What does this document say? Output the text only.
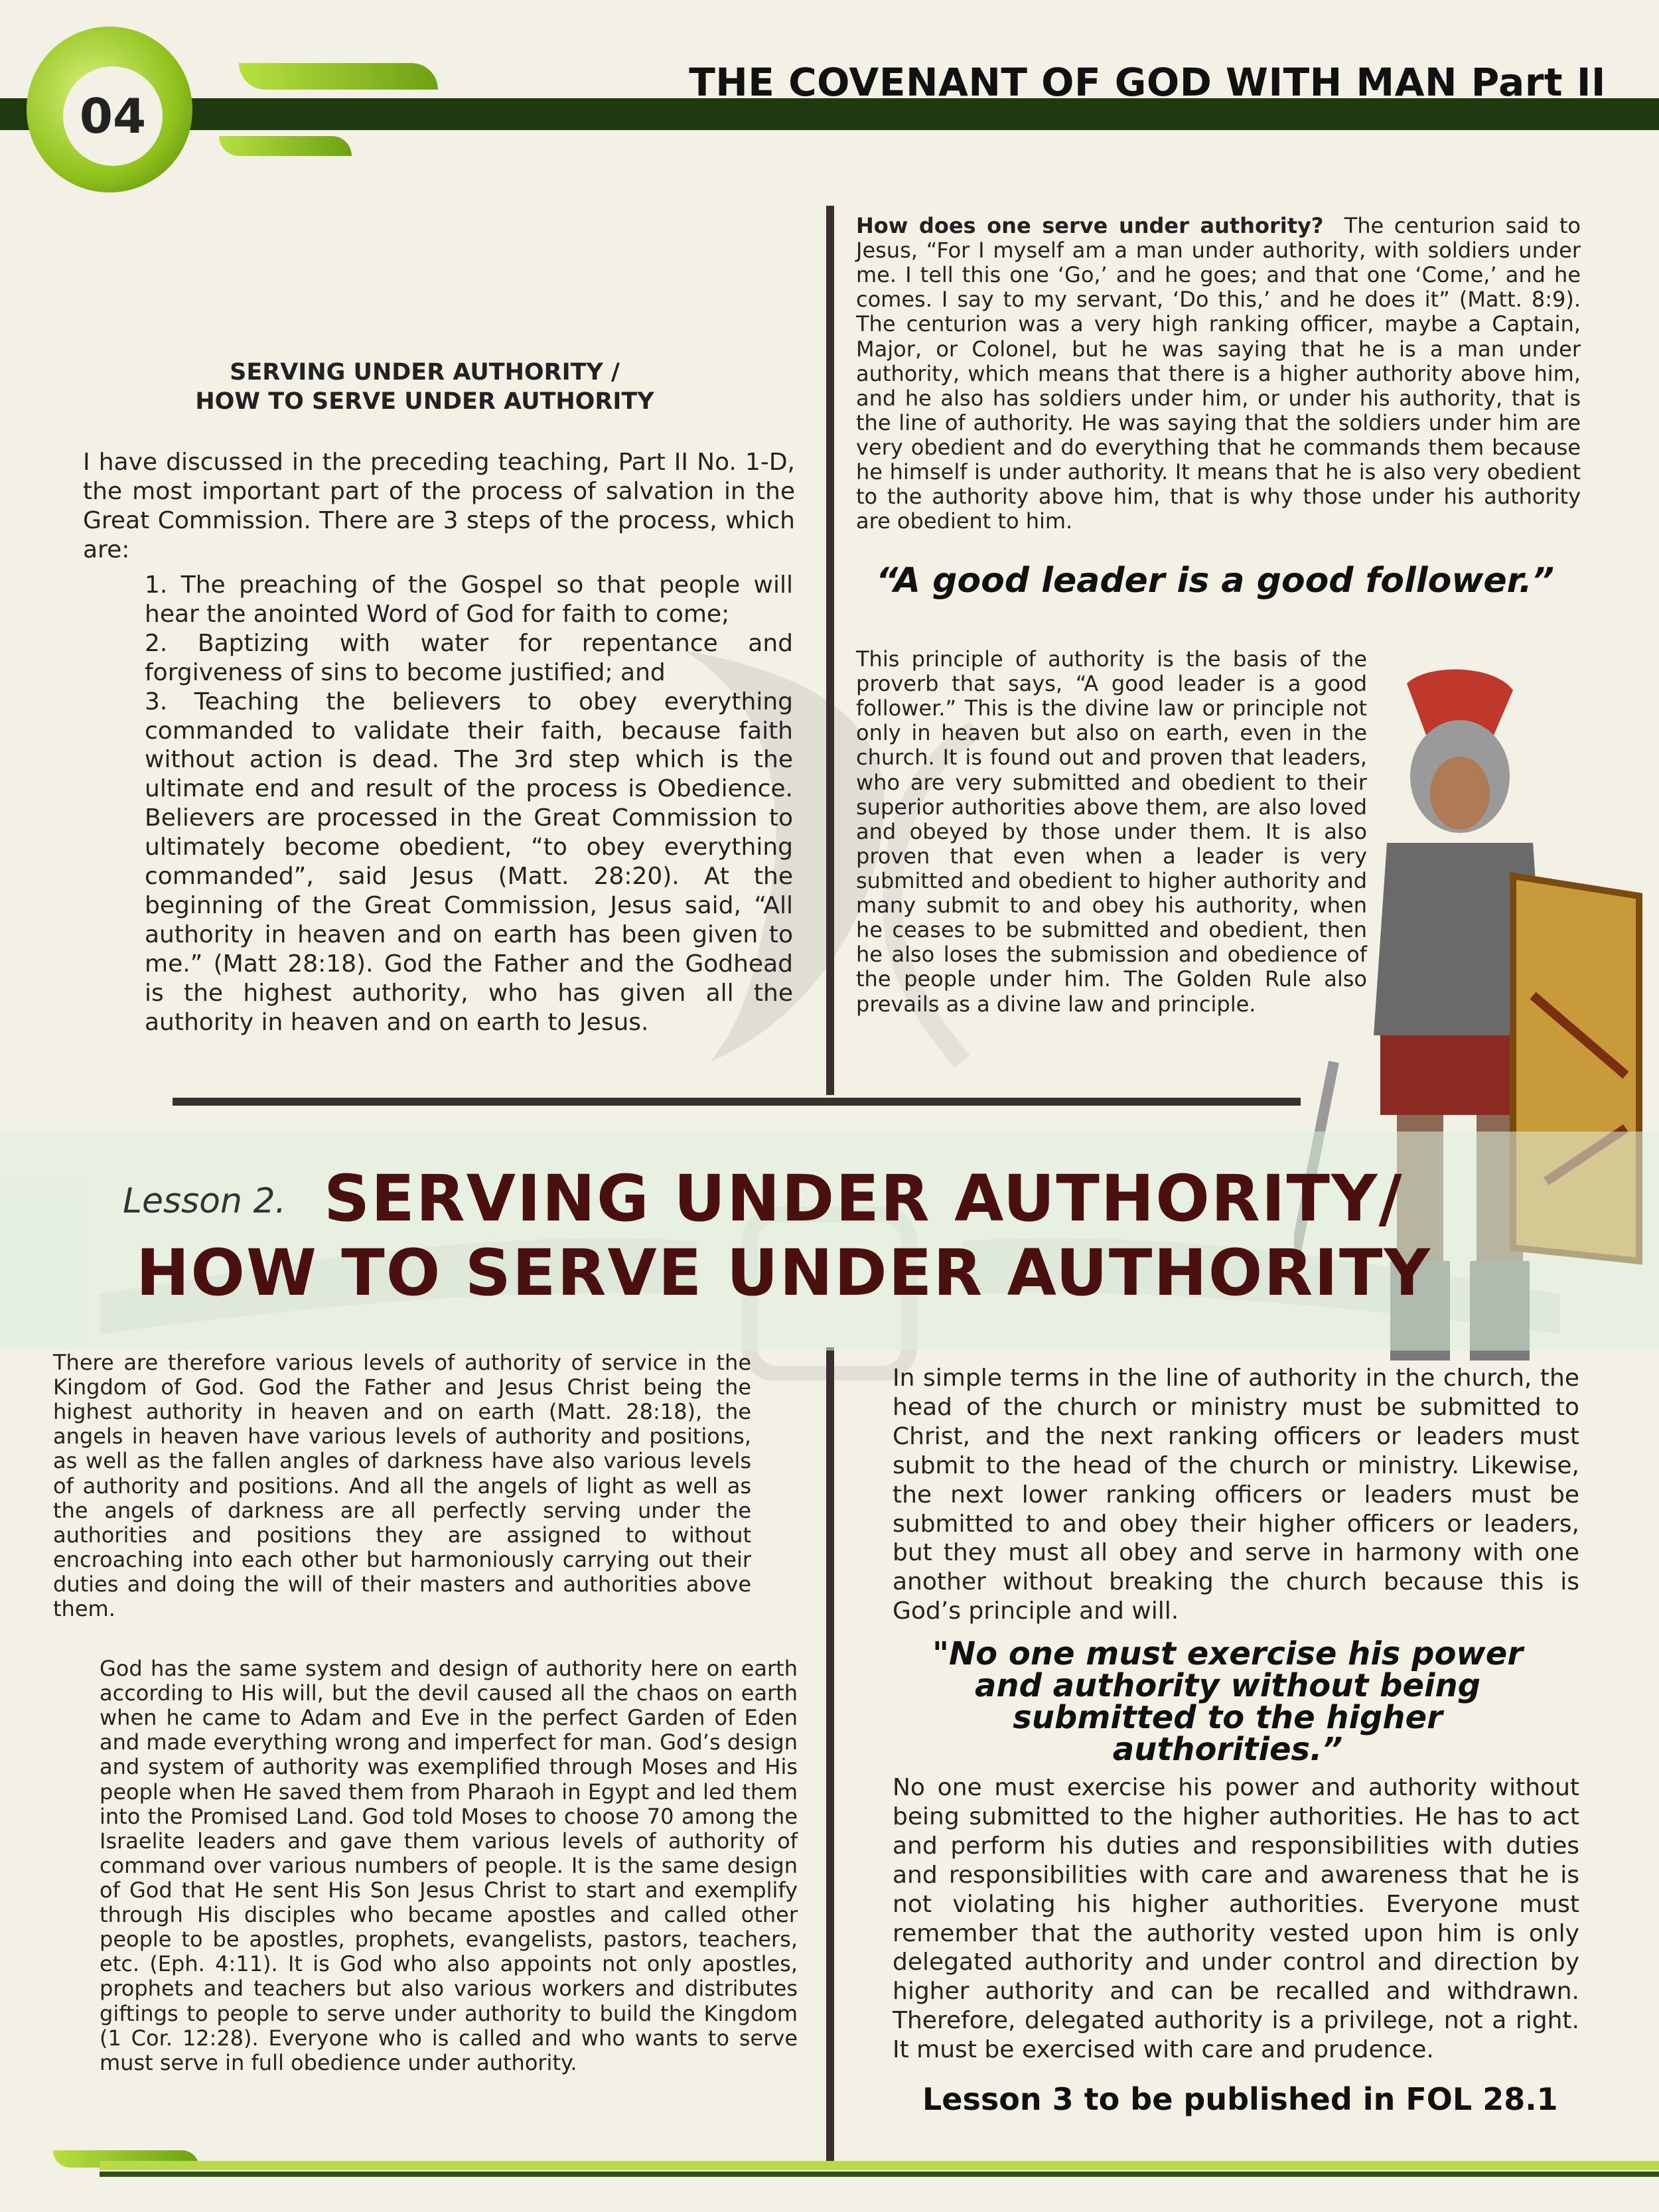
04
THE COVENANT OF GOD WITH MAN Part II
SERVING UNDER AUTHORITY /
HOW TO SERVE UNDER AUTHORITY
I have discussed in the preceding teaching, Part II No. 1-D, the most important part of the process of salvation in the Great Commission. There are 3 steps of the process, which are:
1. The preaching of the Gospel so that people will hear the anointed Word of God for faith to come;
2. Baptizing with water for repentance and forgiveness of sins to become justified; and
3. Teaching the believers to obey everything commanded to validate their faith, because faith without action is dead. The 3rd step which is the ultimate end and result of the process is Obedience. Believers are processed in the Great Commission to ultimately become obedient, “to obey everything commanded”, said Jesus (Matt. 28:20). At the beginning of the Great Commission, Jesus said, “All authority in heaven and on earth has been given to me.” (Matt 28:18). God the Father and the Godhead is the highest authority, who has given all the authority in heaven and on earth to Jesus.
How does one serve under authority? The centurion said to Jesus, “For I myself am a man under authority, with soldiers under me. I tell this one ‘Go,’ and he goes; and that one ‘Come,’ and he comes. I say to my servant, ‘Do this,’ and he does it” (Matt. 8:9). The centurion was a very high ranking officer, maybe a Captain, Major, or Colonel, but he was saying that he is a man under authority, which means that there is a higher authority above him, and he also has soldiers under him, or under his authority, that is the line of authority. He was saying that the soldiers under him are very obedient and do everything that he commands them because he himself is under authority. It means that he is also very obedient to the authority above him, that is why those under his authority are obedient to him.
“A good leader is a good follower.”
This principle of authority is the basis of the proverb that says, “A good leader is a good follower.” This is the divine law or principle not only in heaven but also on earth, even in the church. It is found out and proven that leaders, who are very submitted and obedient to their superior authorities above them, are also loved and obeyed by those under them. It is also proven that even when a leader is very submitted and obedient to higher authority and many submit to and obey his authority, when he ceases to be submitted and obedient, then he also loses the submission and obedience of the people under him. The Golden Rule also prevails as a divine law and principle.
Lesson 2. SERVING UNDER AUTHORITY/
HOW TO SERVE UNDER AUTHORITY
There are therefore various levels of authority of service in the Kingdom of God. God the Father and Jesus Christ being the highest authority in heaven and on earth (Matt. 28:18), the angels in heaven have various levels of authority and positions, as well as the fallen angles of darkness have also various levels of authority and positions. And all the angels of light as well as the angels of darkness are all perfectly serving under the authorities and positions they are assigned to without encroaching into each other but harmoniously carrying out their duties and doing the will of their masters and authorities above them.
God has the same system and design of authority here on earth according to His will, but the devil caused all the chaos on earth when he came to Adam and Eve in the perfect Garden of Eden and made everything wrong and imperfect for man. God’s design and system of authority was exemplified through Moses and His people when He saved them from Pharaoh in Egypt and led them into the Promised Land. God told Moses to choose 70 among the Israelite leaders and gave them various levels of authority of command over various numbers of people. It is the same design of God that He sent His Son Jesus Christ to start and exemplify through His disciples who became apostles and called other people to be apostles, prophets, evangelists, pastors, teachers, etc. (Eph. 4:11). It is God who also appoints not only apostles, prophets and teachers but also various workers and distributes giftings to people to serve under authority to build the Kingdom (1 Cor. 12:28). Everyone who is called and who wants to serve must serve in full obedience under authority.
In simple terms in the line of authority in the church, the head of the church or ministry must be submitted to Christ, and the next ranking officers or leaders must submit to the head of the church or ministry. Likewise, the next lower ranking officers or leaders must be submitted to and obey their higher officers or leaders, but they must all obey and serve in harmony with one another without breaking the church because this is God’s principle and will.
"No one must exercise his power and authority without being submitted to the higher authorities.”
No one must exercise his power and authority without being submitted to the higher authorities. He has to act and perform his duties and responsibilities with duties and responsibilities with care and awareness that he is not violating his higher authorities. Everyone must remember that the authority vested upon him is only delegated authority and under control and direction by higher authority and can be recalled and withdrawn. Therefore, delegated authority is a privilege, not a right. It must be exercised with care and prudence.
Lesson 3 to be published in FOL 28.1
